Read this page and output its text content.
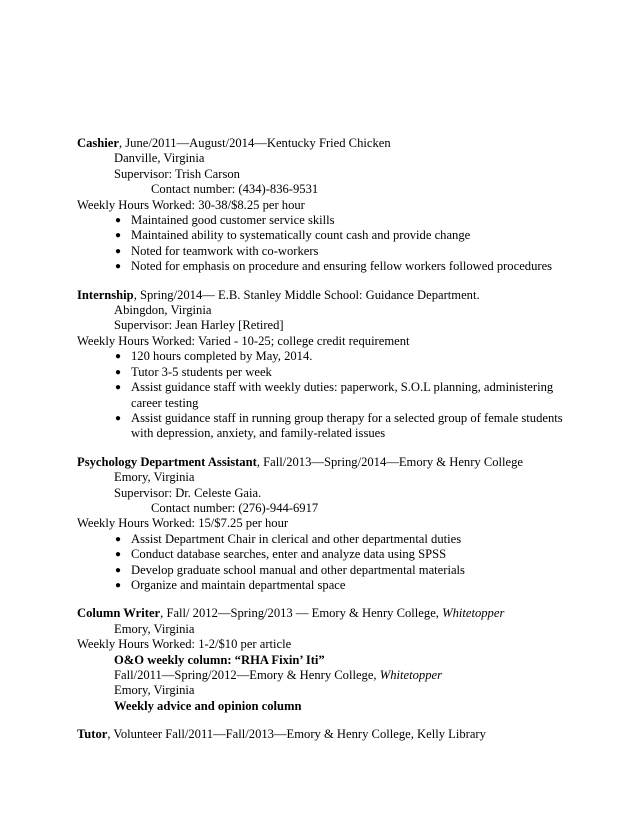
Cashier, June/2011—August/2014—Kentucky Fried Chicken
Danville, Virginia
Supervisor: Trish Carson
Contact number: (434)-836-9531
Weekly Hours Worked: 30-38/$8.25 per hour
● Maintained good customer service skills
● Maintained ability to systematically count cash and provide change
● Noted for teamwork with co-workers
● Noted for emphasis on procedure and ensuring fellow workers followed procedures
Internship, Spring/2014— E.B. Stanley Middle School: Guidance Department.
Abingdon, Virginia
Supervisor: Jean Harley [Retired]
Weekly Hours Worked: Varied - 10-25; college credit requirement
● 120 hours completed by May, 2014.
● Tutor 3-5 students per week
● Assist guidance staff with weekly duties: paperwork, S.O.L planning, administering career testing
● Assist guidance staff in running group therapy for a selected group of female students with depression, anxiety, and family-related issues
Psychology Department Assistant, Fall/2013—Spring/2014—Emory & Henry College
Emory, Virginia
Supervisor: Dr. Celeste Gaia.
Contact number: (276)-944-6917
Weekly Hours Worked: 15/$7.25 per hour
● Assist Department Chair in clerical and other departmental duties
● Conduct database searches, enter and analyze data using SPSS
● Develop graduate school manual and other departmental materials
● Organize and maintain departmental space
Column Writer, Fall/ 2012—Spring/2013 — Emory & Henry College, Whitetopper
Emory, Virginia
Weekly Hours Worked: 1-2/$10 per article
O&O weekly column: “RHA Fixin’ Iti”
Fall/2011—Spring/2012—Emory & Henry College, Whitetopper
Emory, Virginia
Weekly advice and opinion column
Tutor, Volunteer Fall/2011—Fall/2013—Emory & Henry College, Kelly Library
